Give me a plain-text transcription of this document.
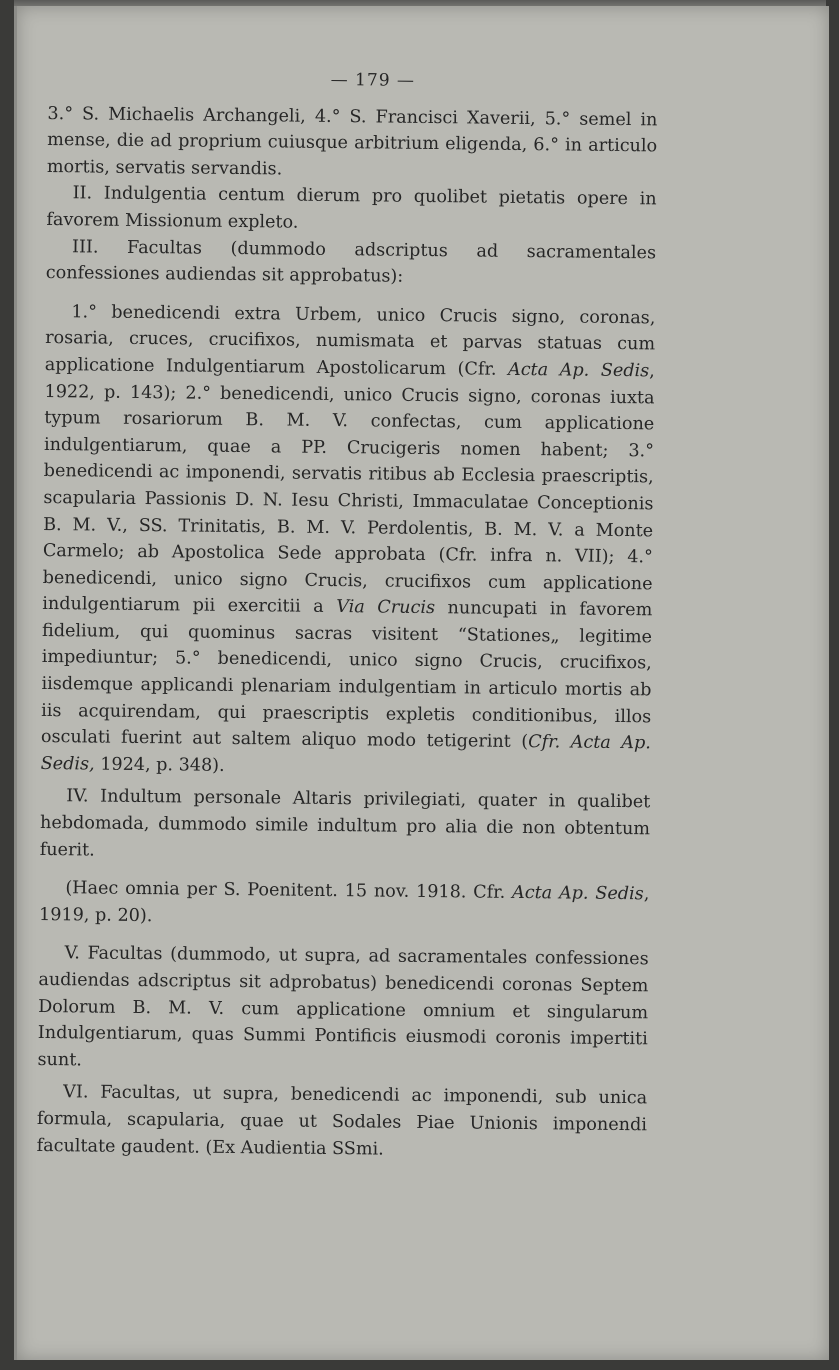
— 179 —

3.° S. Michaelis Archangeli, 4.° S. Francisci Xaverii, 5.° semel in mense, die ad proprium cuiusque arbitrium eligenda, 6.° in articulo mortis, servatis servandis.

II. Indulgentia centum dierum pro quolibet pietatis opere in favorem Missionum expleto.

III. Facultas (dummodo adscriptus ad sacramentales confessiones audiendas sit approbatus):

1.° benedicendi extra Urbem, unico Crucis signo, coronas, rosaria, cruces, crucifixos, numismata et parvas statuas cum applicatione Indulgentiarum Apostolicarum (Cfr. Acta Ap. Sedis, 1922, p. 143); 2.° benedicendi, unico Crucis signo, coronas iuxta typum rosariorum B. M. V. confectas, cum applicatione indulgentiarum, quae a PP. Crucigeris nomen habent; 3.° benedicendi ac imponendi, servatis ritibus ab Ecclesia praescriptis, scapularia Passionis D. N. Iesu Christi, Immaculatae Conceptionis B. M. V., SS. Trinitatis, B. M. V. Perdolentis, B. M. V. a Monte Carmelo; ab Apostolica Sede approbata (Cfr. infra n. VII); 4.° benedicendi, unico signo Crucis, crucifixos cum applicatione indulgentiarum pii exercitii a Via Crucis nuncupati in favorem fidelium, qui quominus sacras visitent “Stationes„ legitime impediuntur; 5.° benedicendi, unico signo Crucis, crucifixos, iisdemque applicandi plenariam indulgentiam in articulo mortis ab iis acquirendam, qui praescriptis expletis conditionibus, illos osculati fuerint aut saltem aliquo modo tetigerint (Cfr. Acta Ap. Sedis, 1924, p. 348).

IV. Indultum personale Altaris privilegiati, quater in qualibet hebdomada, dummodo simile indultum pro alia die non obtentum fuerit.

(Haec omnia per S. Poenitent. 15 nov. 1918. Cfr. Acta Ap. Sedis, 1919, p. 20).

V. Facultas (dummodo, ut supra, ad sacramentales confessiones audiendas adscriptus sit adprobatus) benedicendi coronas Septem Dolorum B. M. V. cum applicatione omnium et singularum Indulgentiarum, quas Summi Pontificis eiusmodi coronis impertiti sunt.

VI. Facultas, ut supra, benedicendi ac imponendi, sub unica formula, scapularia, quae ut Sodales Piae Unionis imponendi facultate gaudent. (Ex Audientia SSmi.
